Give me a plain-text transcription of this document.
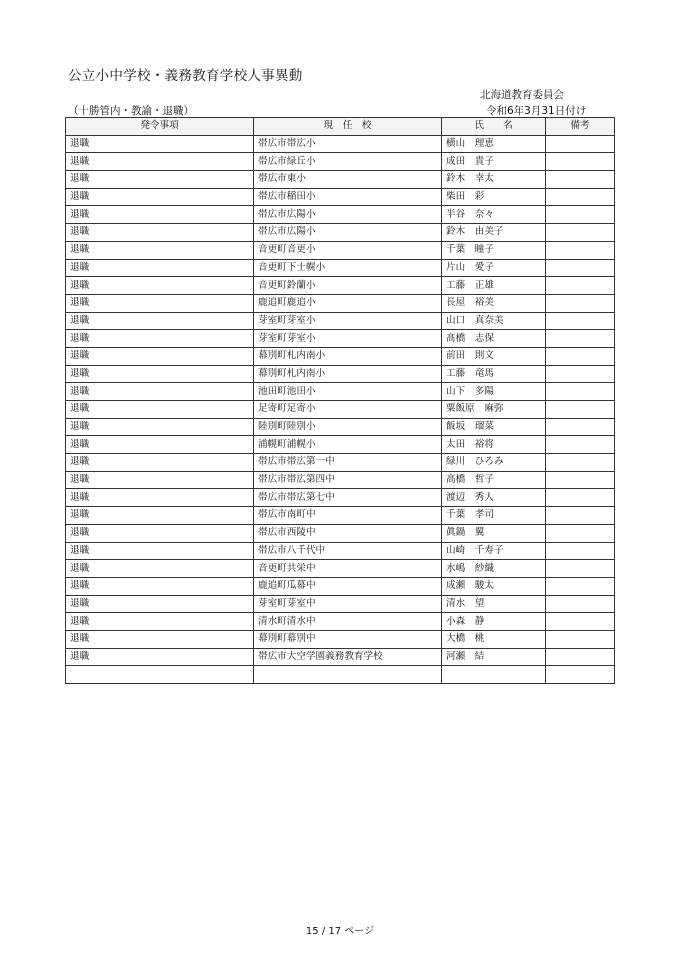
公立小中学校・義務教育学校人事異動
北海道教育委員会
（十勝管内・教諭・退職）	令和6年3月31日付け
発令事項	現　任　校	氏　　名	備考
退職	帯広市帯広小	横山　理恵	
退職	帯広市緑丘小	成田　貴子	
退職	帯広市東小	鈴木　幸太	
退職	帯広市稲田小	柴田　彩	
退職	帯広市広陽小	半谷　奈々	
退職	帯広市広陽小	鈴木　由美子	
退職	音更町音更小	千葉　瞳子	
退職	音更町下士幌小	片山　愛子	
退職	音更町鈴蘭小	工藤　正雄	
退職	鹿追町鹿追小	長屋　裕美	
退職	芽室町芽室小	山口　真奈美	
退職	芽室町芽室小	髙橋　志保	
退職	幕別町札内南小	前田　則文	
退職	幕別町札内南小	工藤　竜馬	
退職	池田町池田小	山下　多陽	
退職	足寄町足寄小	粟飯原　麻弥	
退職	陸別町陸別小	飯坂　瑠菜	
退職	浦幌町浦幌小	太田　裕将	
退職	帯広市帯広第一中	緑川　ひろみ	
退職	帯広市帯広第四中	高橋　哲子	
退職	帯広市帯広第七中	渡辺　秀人	
退職	帯広市南町中	千葉　孝司	
退職	帯広市西陵中	眞鍋　翼	
退職	帯広市八千代中	山崎　千寿子	
退職	音更町共栄中	水嶋　紗織	
退職	鹿追町瓜幕中	成瀬　駿太	
退職	芽室町芽室中	清水　望	
退職	清水町清水中	小森　静	
退職	幕別町幕別中	大橋　桃	
退職	帯広市大空学園義務教育学校	河瀬　結	

15 / 17 ページ
